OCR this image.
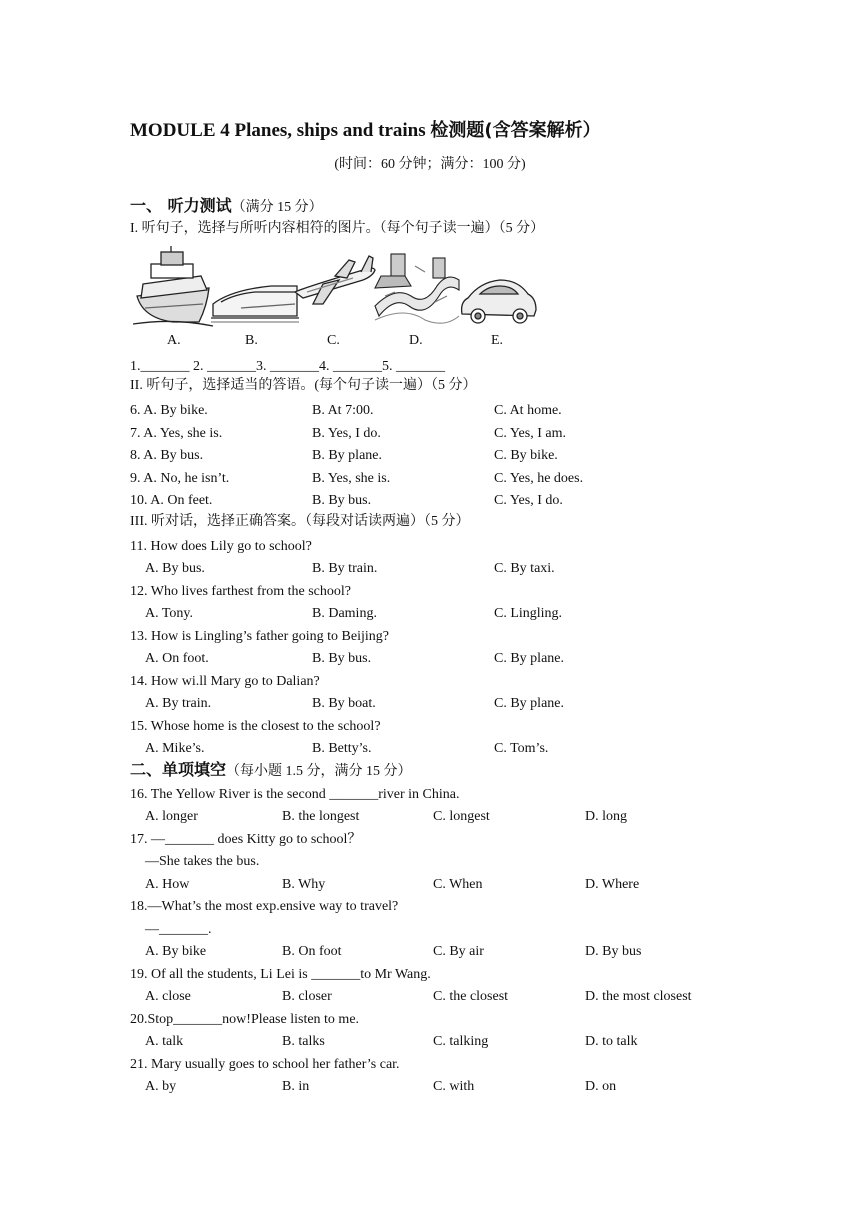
MODULE 4 Planes, ships and trains 检测题(含答案解析）
(时间：60 分钟；满分：100 分)
一、 听力测试（满分 15 分）
I. 听句子，选择与所听内容相符的图片。（每个句子读一遍）（5 分）
A.	B.	C.	D.	E.
1._______ 2. _______3. _______4. _______5. _______
II. 听句子，选择适当的答语。(每个句子读一遍）（5 分）
6. A. By bike.	B. At 7:00.	C. At home.
7. A. Yes, she is.	B. Yes, I do.	C. Yes, I am.
8. A. By bus.	B. By plane.	C. By bike.
9. A. No, he isn’t.	B. Yes, she is.	C. Yes, he does.
10. A. On feet.	B. By bus.	C. Yes, I do.
III. 听对话，选择正确答案。（每段对话读两遍）（5 分）
11. How does Lily go to school?
A. By bus.	B. By train.	C. By taxi.
12. Who lives farthest from the school?
A. Tony.	B. Daming.	C. Lingling.
13. How is Lingling’s father going to Beijing?
A. On foot.	B. By bus.	C. By plane.
14. How wi.ll Mary go to Dalian?
A. By train.	B. By boat.	C. By plane.
15. Whose home is the closest to the school?
A. Mike’s.	B. Betty’s.	C. Tom’s.
二、单项填空（每小题 1.5 分，满分 15 分）
16. The Yellow River is the second _______river in China.
A. longer	B. the longest	C. longest	D. long
17. —_______ does Kitty go to school？
—She takes the bus.
A. How	B. Why	C. When	D. Where
18.—What’s the most exp.ensive way to travel?
—_______.
A. By bike	B. On foot	C. By air	D. By bus
19. Of all the students, Li Lei is _______to Mr Wang.
A. close	B. closer	C. the closest	D. the most closest
20.Stop_______now!Please listen to me.
A. talk	B. talks	C. talking	D. to talk
21. Mary usually goes to school her father’s car.
A. by	B. in	C. with	D. on
